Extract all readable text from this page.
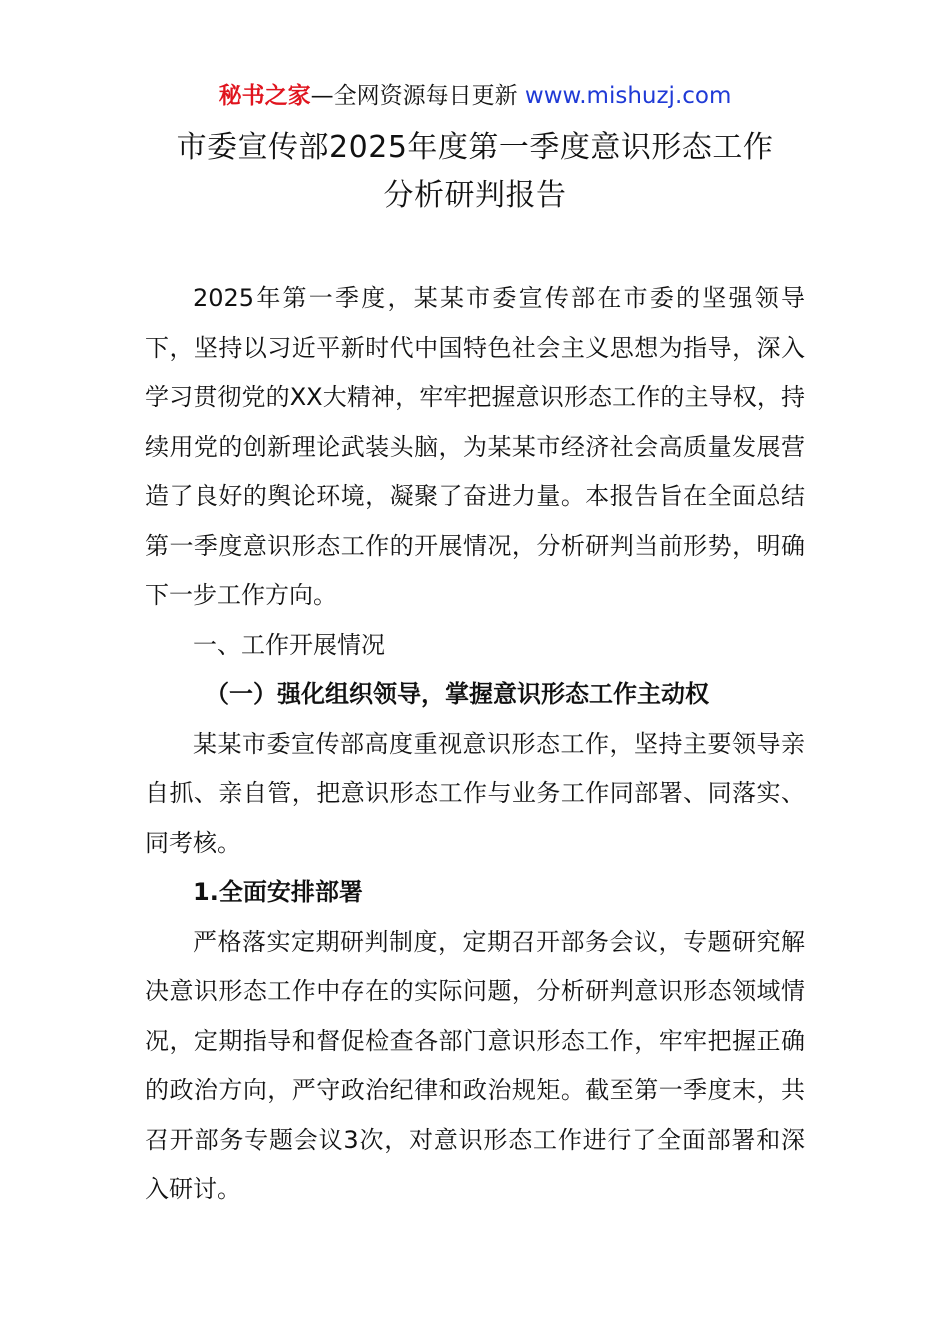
秘书之家—全网资源每日更新 www.mishuzj.com
市委宣传部2025年度第一季度意识形态工作
分析研判报告

2025年第一季度，某某市委宣传部在市委的坚强领导下，坚持以习近平新时代中国特色社会主义思想为指导，深入学习贯彻党的XX大精神，牢牢把握意识形态工作的主导权，持续用党的创新理论武装头脑，为某某市经济社会高质量发展营造了良好的舆论环境，凝聚了奋进力量。本报告旨在全面总结第一季度意识形态工作的开展情况，分析研判当前形势，明确下一步工作方向。

一、工作开展情况

（一）强化组织领导，掌握意识形态工作主动权

某某市委宣传部高度重视意识形态工作，坚持主要领导亲自抓、亲自管，把意识形态工作与业务工作同部署、同落实、同考核。

1.全面安排部署

严格落实定期研判制度，定期召开部务会议，专题研究解决意识形态工作中存在的实际问题，分析研判意识形态领域情况，定期指导和督促检查各部门意识形态工作，牢牢把握正确的政治方向，严守政治纪律和政治规矩。截至第一季度末，共召开部务专题会议3次，对意识形态工作进行了全面部署和深入研讨。
